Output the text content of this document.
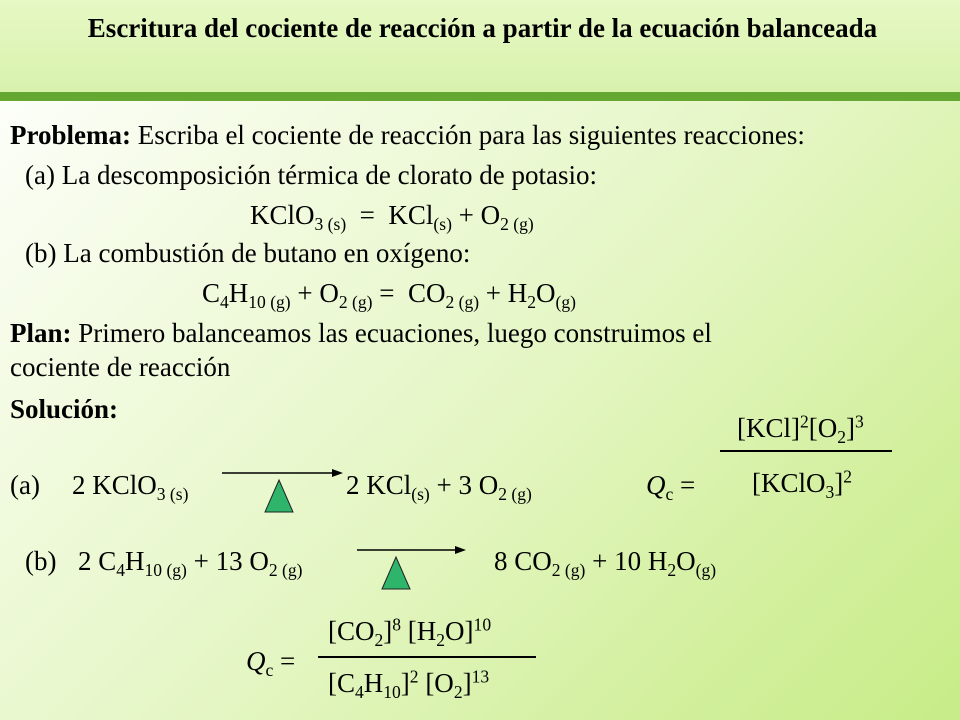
Escritura del cociente de reacción a partir de la ecuación balanceada
Problema: Escriba el cociente de reacción para las siguientes reacciones:
(a) La descomposición térmica de clorato de potasio:
KClO$_{3 (s)}$  =  $KCl_{(s)} + O_{2 (g)}$
(b) La combustión de butano en oxígeno:
$C_4H_{10 (g)} + O_{2 (g)} = CO_{2 (g)} + H_2O_{(g)}$
Plan: Primero balanceamos las ecuaciones, luego construimos el
cociente de reacción
Solución:
$[KCl]^2[O_2]^3$
[KClO$_3$]$^2$
(a) 2 KClO$_{3 (s)}$	2 KCl$_{(s)}$ + 3 $O_{2 (g)}$	$Q_c$ =
(b) 2 $C_4H_{10 (g)} + 13$ $O_{2 (g)}$	8 $CO_{2 (g)} + 10$ $H_2O_{(g)}$
$[CO_2]^8$ $[H_2O]^{10}$
$Q_c$ =
$[C_4H_{10}]^2$ $[O_2]^{13}$
